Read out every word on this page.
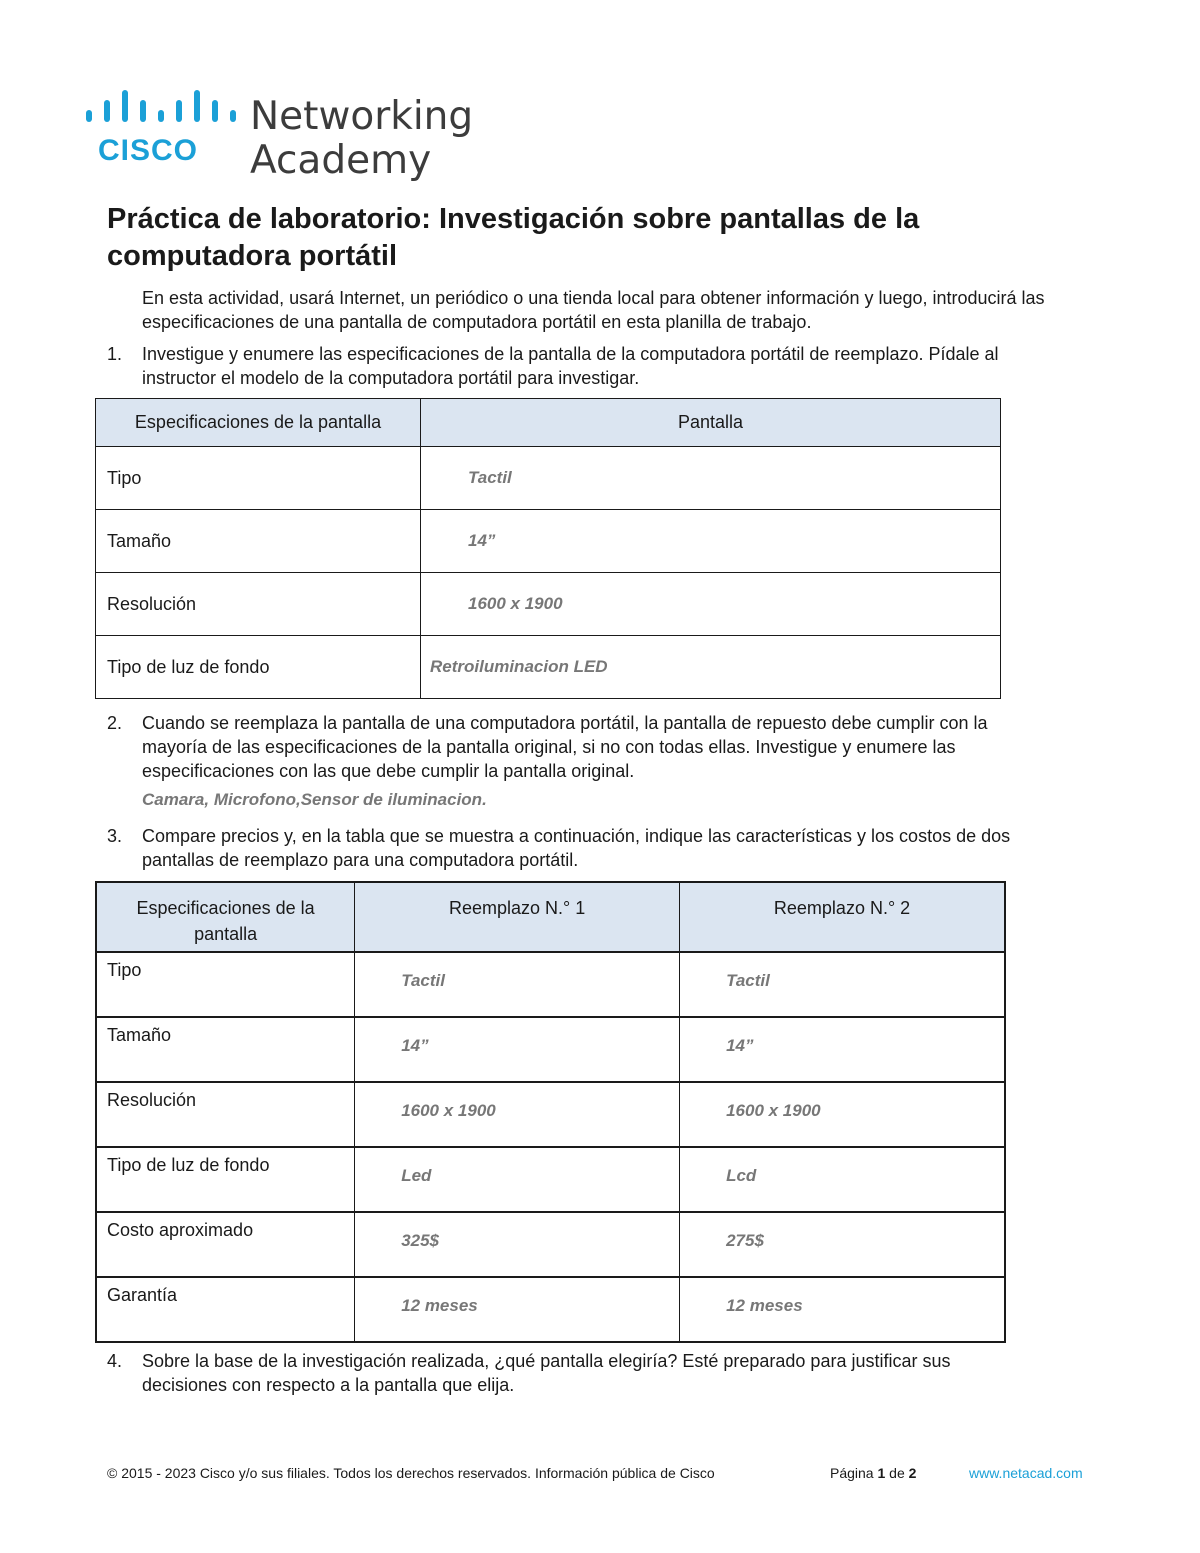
CISCO
Networking
Academy
Práctica de laboratorio: Investigación sobre pantallas de la computadora portátil

En esta actividad, usará Internet, un periódico o una tienda local para obtener información y luego, introducirá las especificaciones de una pantalla de computadora portátil en esta planilla de trabajo.

1. Investigue y enumere las especificaciones de la pantalla de la computadora portátil de reemplazo. Pídale al
instructor el modelo de la computadora portátil para investigar.
Especificaciones de la pantalla	Pantalla
Tipo	Tactil
Tamaño	14”
Resolución	1600 x 1900
Tipo de luz de fondo	Retroiluminacion LED
2. Cuando se reemplaza la pantalla de una computadora portátil, la pantalla de repuesto debe cumplir con la
mayoría de las especificaciones de la pantalla original, si no con todas ellas. Investigue y enumere las
especificaciones con las que debe cumplir la pantalla original.
Camara, Microfono,Sensor de iluminacion.
3. Compare precios y, en la tabla que se muestra a continuación, indique las características y los costos de dos
pantallas de reemplazo para una computadora portátil.
Especificaciones de la pantalla	Reemplazo N.° 1	Reemplazo N.° 2
Tipo	Tactil	Tactil

Tamaño	14”	14”

Resolución	1600 x 1900	1600 x 1900

Tipo de luz de fondo	Led	Lcd

Costo aproximado	325$	275$

Garantía	12 meses	12 meses
4. Sobre la base de la investigación realizada, ¿qué pantalla elegiría? Esté preparado para justificar sus
decisiones con respecto a la pantalla que elija.
© 2015 - 2023 Cisco y/o sus filiales. Todos los derechos reservados. Información pública de Cisco	Página 1 de 2	www.netacad.com
